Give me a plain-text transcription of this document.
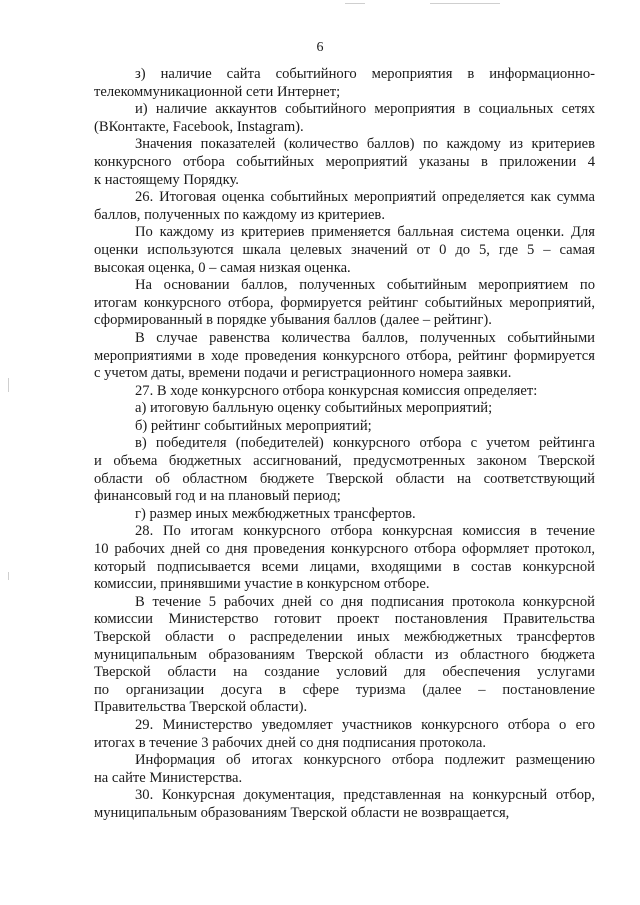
6
з) наличие сайта событийного мероприятия в информационно-
телекоммуникационной сети Интернет;
и) наличие аккаунтов событийного мероприятия в социальных сетях
(ВКонтакте, Facebook, Instagram).
Значения показателей (количество баллов) по каждому из критериев
конкурсного отбора событийных мероприятий указаны в приложении 4
к настоящему Порядку.
26. Итоговая оценка событийных мероприятий определяется как сумма
баллов, полученных по каждому из критериев.
По каждому из критериев применяется балльная система оценки. Для
оценки используются шкала целевых значений от 0 до 5, где 5 – самая
высокая оценка, 0 – самая низкая оценка.
На основании баллов, полученных событийным мероприятием по
итогам конкурсного отбора, формируется рейтинг событийных мероприятий,
сформированный в порядке убывания баллов (далее – рейтинг).
В случае равенства количества баллов, полученных событийными
мероприятиями в ходе проведения конкурсного отбора, рейтинг формируется
с учетом даты, времени подачи и регистрационного номера заявки.
27. В ходе конкурсного отбора конкурсная комиссия определяет:
а) итоговую балльную оценку событийных мероприятий;
б) рейтинг событийных мероприятий;
в) победителя (победителей) конкурсного отбора с учетом рейтинга
и объема бюджетных ассигнований, предусмотренных законом Тверской
области об областном бюджете Тверской области на соответствующий
финансовый год и на плановый период;
г) размер иных межбюджетных трансфертов.
28. По итогам конкурсного отбора конкурсная комиссия в течение
10 рабочих дней со дня проведения конкурсного отбора оформляет протокол,
который подписывается всеми лицами, входящими в состав конкурсной
комиссии, принявшими участие в конкурсном отборе.
В течение 5 рабочих дней со дня подписания протокола конкурсной
комиссии Министерство готовит проект постановления Правительства
Тверской области о распределении иных межбюджетных трансфертов
муниципальным образованиям Тверской области из областного бюджета
Тверской области на создание условий для обеспечения услугами
по организации досуга в сфере туризма (далее – постановление
Правительства Тверской области).
29. Министерство уведомляет участников конкурсного отбора о его
итогах в течение 3 рабочих дней со дня подписания протокола.
Информация об итогах конкурсного отбора подлежит размещению
на сайте Министерства.
30. Конкурсная документация, представленная на конкурсный отбор,
муниципальным образованиям Тверской области не возвращается,
